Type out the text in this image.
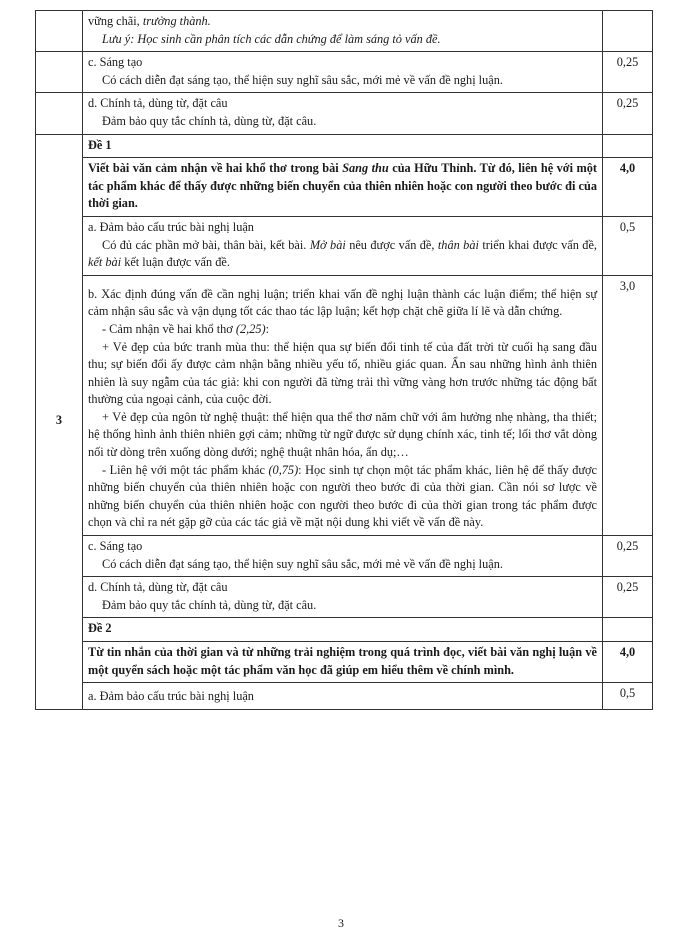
	vững chãi, trưởng thành.
Lưu ý: Học sinh cần phân tích các dẫn chứng để làm sáng tỏ vấn đề.	

	c. Sáng tạo
Có cách diễn đạt sáng tạo, thể hiện suy nghĩ sâu sắc, mới mẻ về vấn đề nghị luận.	0,25

	d. Chính tả, dùng từ, đặt câu
Đảm bảo quy tắc chính tả, dùng từ, đặt câu.	0,25
3	Đề 1	
	Viết bài văn cảm nhận về hai khổ thơ trong bài Sang thu của Hữu Thỉnh. Từ đó, liên hệ với một tác phẩm khác để thấy được những biến chuyển của thiên nhiên hoặc con người theo bước đi của thời gian.	4,0

	a. Đảm bảo cấu trúc bài nghị luận
Có đủ các phần mở bài, thân bài, kết bài. Mở bài nêu được vấn đề, thân bài triển khai được vấn đề, kết bài kết luận được vấn đề.	0,5

	b. Xác định đúng vấn đề cần nghị luận; triển khai vấn đề nghị luận thành các luận điểm; thể hiện sự cảm nhận sâu sắc và vận dụng tốt các thao tác lập luận; kết hợp chặt chẽ giữa lí lẽ và dẫn chứng.
- Cảm nhận về hai khổ thơ (2,25):
+ Vẻ đẹp của bức tranh mùa thu: thể hiện qua sự biến đổi tinh tế của đất trời từ cuối hạ sang đầu thu; sự biến đổi ấy được cảm nhận bằng nhiều yếu tố, nhiều giác quan. Ẩn sau những hình ảnh thiên nhiên là suy ngẫm của tác giả: khi con người đã từng trải thì vững vàng hơn trước những tác động bất thường của ngoại cảnh, của cuộc đời.
+ Vẻ đẹp của ngôn từ nghệ thuật: thể hiện qua thể thơ năm chữ với âm hưởng nhẹ nhàng, tha thiết; hệ thống hình ảnh thiên nhiên gợi cảm; những từ ngữ được sử dụng chính xác, tinh tế; lối thơ vắt dòng nối từ dòng trên xuống dòng dưới; nghệ thuật nhân hóa, ẩn dụ;…
- Liên hệ với một tác phẩm khác (0,75): Học sinh tự chọn một tác phẩm khác, liên hệ để thấy được những biến chuyển của thiên nhiên hoặc con người theo bước đi của thời gian. Cần nói sơ lược về những biến chuyển của thiên nhiên hoặc con người theo bước đi của thời gian trong tác phẩm được chọn và chỉ ra nét gặp gỡ của các tác giả về mặt nội dung khi viết về vấn đề này.	3,0

	c. Sáng tạo
Có cách diễn đạt sáng tạo, thể hiện suy nghĩ sâu sắc, mới mẻ về vấn đề nghị luận.	0,25

	d. Chính tả, dùng từ, đặt câu
Đảm bảo quy tắc chính tả, dùng từ, đặt câu.	0,25
	Đề 2	
	Từ tin nhắn của thời gian và từ những trải nghiệm trong quá trình đọc, viết bài văn nghị luận về một quyển sách hoặc một tác phẩm văn học đã giúp em hiểu thêm về chính mình.	4,0

	a. Đảm bảo cấu trúc bài nghị luận	0,5
3
